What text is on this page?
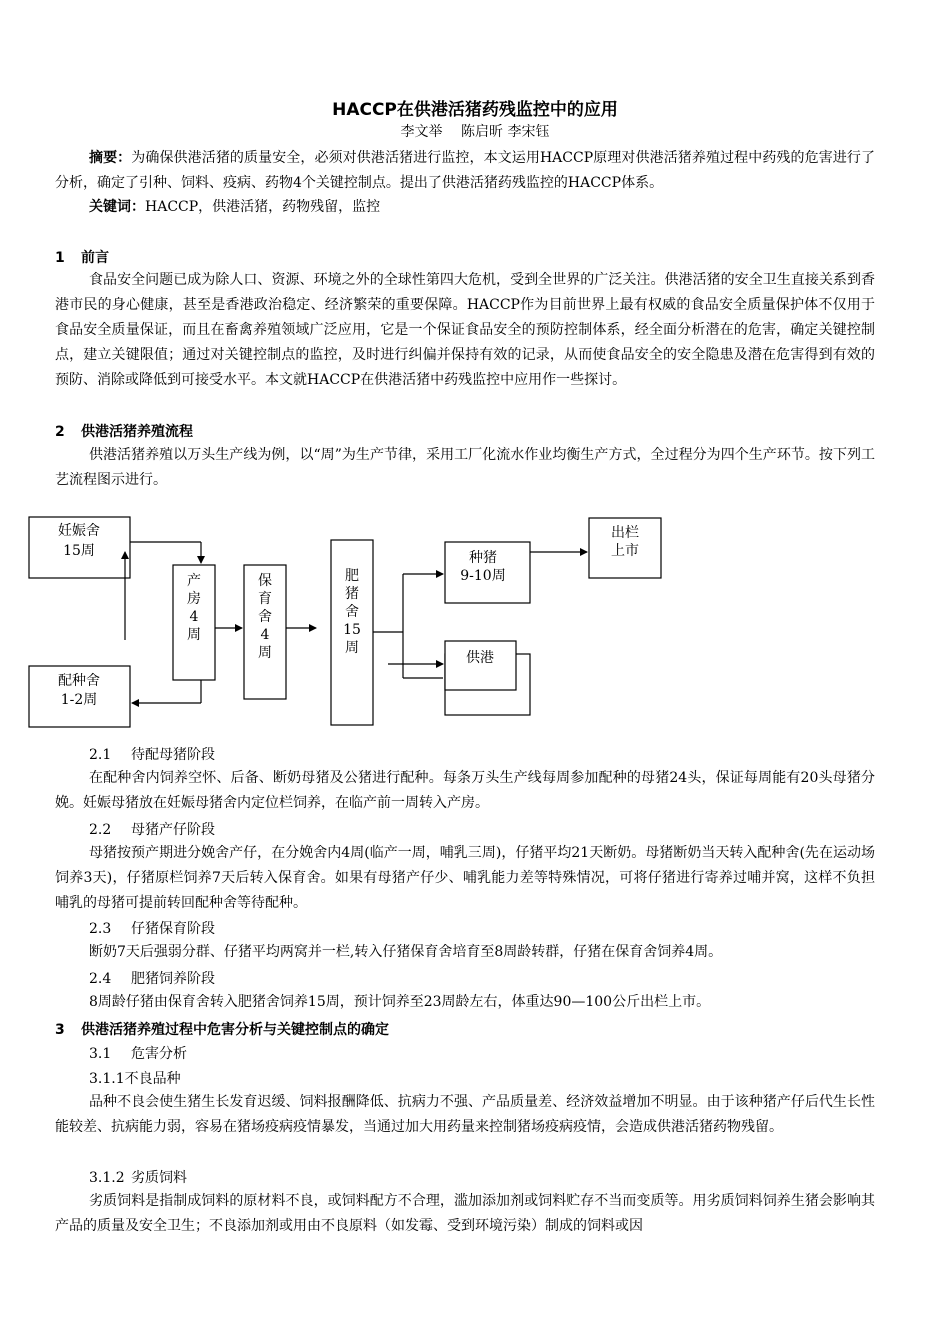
HACCP在供港活猪药残监控中的应用
李文举　 陈启昕 李宋钰
摘要：为确保供港活猪的质量安全，必须对供港活猪进行监控，本文运用HACCP原理对供港活猪养殖过程中药残的危害进行了分析，确定了引种、饲料、疫病、药物4个关键控制点。提出了供港活猪药残监控的HACCP体系。
关键词：HACCP，供港活猪，药物残留，监控
1 前言
食品安全问题已成为除人口、资源、环境之外的全球性第四大危机，受到全世界的广泛关注。供港活猪的安全卫生直接关系到香港市民的身心健康，甚至是香港政治稳定、经济繁荣的重要保障。HACCP作为目前世界上最有权威的食品安全质量保护体不仅用于食品安全质量保证，而且在畜禽养殖领域广泛应用，它是一个保证食品安全的预防控制体系，经全面分析潜在的危害，确定关键控制点，建立关键限值；通过对关键控制点的监控，及时进行纠偏并保持有效的记录，从而使食品安全的安全隐患及潜在危害得到有效的预防、消除或降低到可接受水平。本文就HACCP在供港活猪中药残监控中应用作一些探讨。
2 供港活猪养殖流程
供港活猪养殖以万头生产线为例，以“周”为生产节律，采用工厂化流水作业均衡生产方式，全过程分为四个生产环节。按下列工艺流程图示进行。
妊娠舍
15周
配种舍
1-2周
产
房
4
周
保
育
舍
4
周
肥
猪
舍
15
周
种猪
9-10周
出栏
上市
供港
2.1 待配母猪阶段
在配种舍内饲养空怀、后备、断奶母猪及公猪进行配种。每条万头生产线每周参加配种的母猪24头，保证每周能有20头母猪分娩。妊娠母猪放在妊娠母猪舍内定位栏饲养，在临产前一周转入产房。
2.2 母猪产仔阶段
母猪按预产期进分娩舍产仔，在分娩舍内4周(临产一周，哺乳三周)，仔猪平均21天断奶。母猪断奶当天转入配种舍(先在运动场饲养3天)，仔猪原栏饲养7天后转入保育舍。如果有母猪产仔少、哺乳能力差等特殊情况，可将仔猪进行寄养过哺并窝，这样不负担哺乳的母猪可提前转回配种舍等待配种。
2.3 仔猪保育阶段
断奶7天后强弱分群、仔猪平均两窝并一栏,转入仔猪保育舍培育至8周龄转群，仔猪在保育舍饲养4周。
2.4 肥猪饲养阶段
8周龄仔猪由保育舍转入肥猪舍饲养15周，预计饲养至23周龄左右，体重达90—100公斤出栏上市。
3 供港活猪养殖过程中危害分析与关键控制点的确定
3.1 危害分析
3.1.1不良品种
品种不良会使生猪生长发育迟缓、饲料报酬降低、抗病力不强、产品质量差、经济效益增加不明显。由于该种猪产仔后代生长性能较差、抗病能力弱，容易在猪场疫病疫情暴发，当通过加大用药量来控制猪场疫病疫情，会造成供港活猪药物残留。
3.1.2 劣质饲料
劣质饲料是指制成饲料的原材料不良，或饲料配方不合理，滥加添加剂或饲料贮存不当而变质等。用劣质饲料饲养生猪会影响其产品的质量及安全卫生；不良添加剂或用由不良原料（如发霉、受到环境污染）制成的饲料或因
